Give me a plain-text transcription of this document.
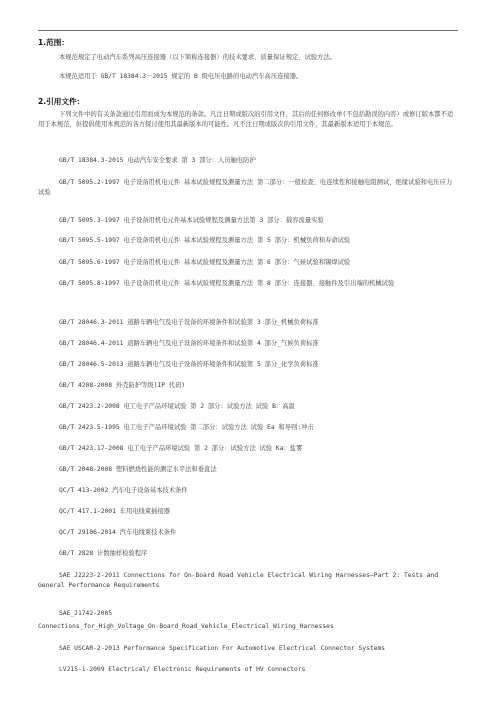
1.范围：
本规范规定了电动汽车系列高压连接器（以下简称连接器）的技术要求、质量保证规定、试验方法。
本规范适用于 GB/T 18384.3－2015 规定的 B 级电压电路的电动汽车高压连接器。
2.引用文件：
下列文件中的有关条款通过引用而成为本规范的条款。凡注日期或版次的引用文件，其后的任何修改单(不包括勘误的内容）或修订版本都不适用于本规范，但提倡使用本规范的各方探讨使用其最新版本的可能性。凡不注日期或版次的引用文件，其最新版本适用于本规范。
GB/T 18384.3-2015 电动汽车安全要求 第 3 部分：人员触电防护
GB/T 5095.2-1997 电子设备用机电元件 基本试验规程及测量方法 第二部分：一般检查、电连续性和接触电阻测试、绝缘试验和电压应力试验
GB/T 5095.3-1997 电子设备用机电元件基本试验规程及测量方法第 3 部分：载容流量实验
GB/T 5095.5-1997 电子设备用机电元件 基本试验规程及测量方法 第 5 部分：机械负荷和寿命试验
GB/T 5095.6-1997 电子设备用机电元件 基本试验规程及测量方法 第 6 部分：气候试验和锡焊试验
GB/T 5095.8-1997 电子设备用机电元件 基本试验规程及测量方法 第 8 部分：连接器、接触件及引出端的机械试验
GB/T 28046.3-2011 道路车辆电气及电子设备的环境条件和试验第 3 部分_机械负荷标准
GB/T 28046.4-2011 道路车辆电气及电子设备的环境条件和试验第 4 部分_气候负荷标准
GB/T 28046.5-2013 道路车辆电气及电子设备的环境条件和试验第 5 部分_化学负荷标准
GB/T 4208-2008 外壳防护等级(IP 代码)
GB/T 2423.2-2008 电工电子产品环境试验 第 2 部分：试验方法 试验 B：高温
GB/T 2423.5-1995 电工电子产品环境试验 第二部分：试验方法 试验 Ea 和导则:冲击
GB/T 2423.17-2008 电工电子产品环境试验 第 2 部分：试验方法 试验 Ka：盐雾
GB/T 2048-2008 塑料燃烧性能的测定水平法和垂直法
QC/T 413-2002 汽车电子设备基本技术条件
QC/T 417.1-2001 车用电线束插接器
QC/T 29106-2014 汽车电线束技术条件
GB/T 2828 计数抽样检验程序
SAE J2223-2-2011 Connections for On-Board Road Vehicle Electrical Wiring Harnesses—Part 2: Tests and General Performance Requirements
SAE_J1742-2005
Connections_for_High_Voltage_On-Board_Road_Vehicle_Electrical_Wiring_Harnesses
SAE USCAR-2-2013 Performance Specification For Automotive Electrical Connector Systems
LV215-1-2009 Electrical/ Electronic Requirements of HV Connectors
